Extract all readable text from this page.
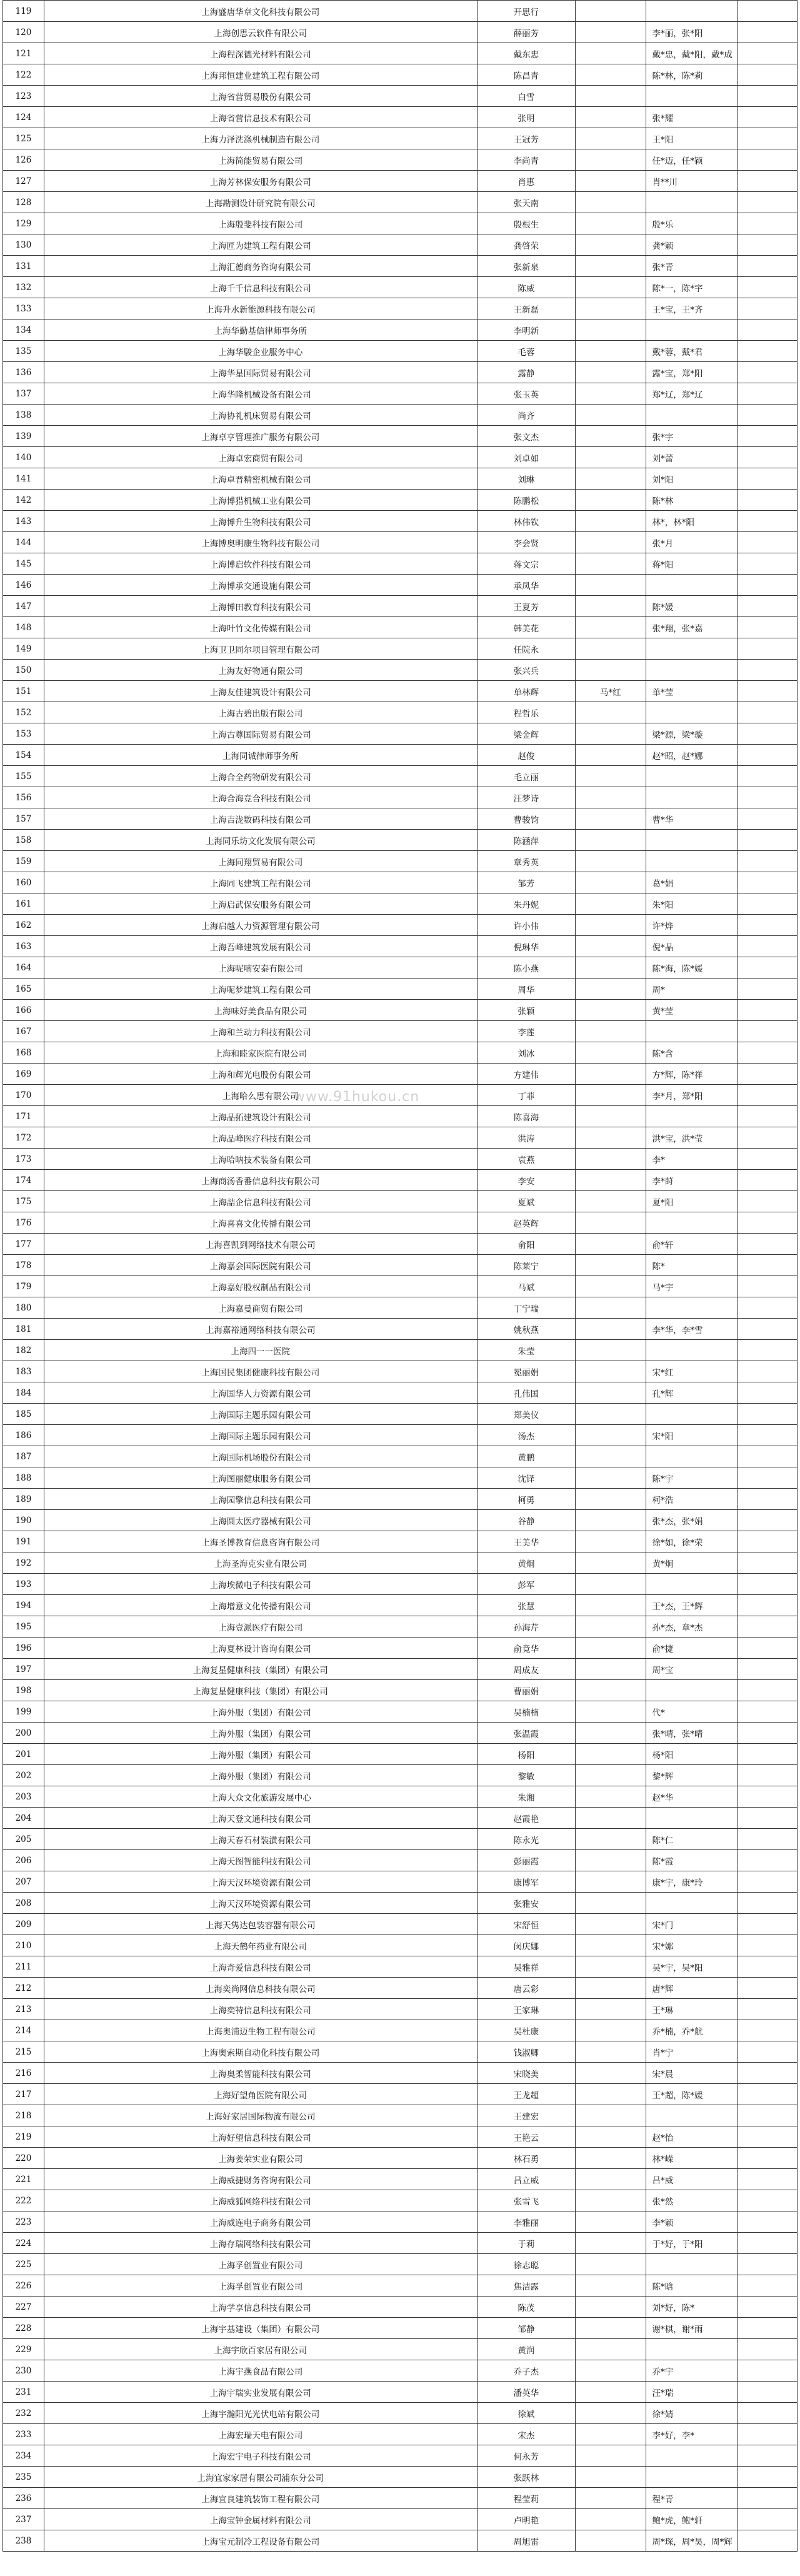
119	上海盛唐华章文化科技有限公司	开思行			
120	上海创思云软件有限公司	薛丽芳		李*丽，张*阳	
121	上海程深德光材料有限公司	戴东忠		戴*忠，戴*阳，戴*成	
122	上海邦恒建业建筑工程有限公司	陈昌青		陈*林，陈*莉	
123	上海省营贸易股份有限公司	白雪			
124	上海省营信息技术有限公司	张明		张*耀	
125	上海力泽洗涤机械制造有限公司	王冠芳		王*阳	
126	上海简能贸易有限公司	李尚青		任*迈，任*颖	
127	上海芳林保安服务有限公司	肖惠		肖**川	
128	上海勘测设计研究院有限公司	张天南			
129	上海殷斐科技有限公司	殷根生		殷*乐	
130	上海匠为建筑工程有限公司	龚啓荣		龚*颖	
131	上海汇德商务咨询有限公司	张新泉		张*青	
132	上海千千信息科技有限公司	陈威		陈*一，陈*宇	
133	上海升水新能源科技有限公司	王新磊		王*宝，王*齐	
134	上海华勤基信律师事务所	李明新			
135	上海华駿企业服务中心	毛蓉		戴*蓉，戴*君	
136	上海华星国际贸易有限公司	露静		露*宝，郑*阳	
137	上海华隆机械设备有限公司	张玉英		郑*辽，郑*辽	
138	上海协礼机床贸易有限公司	尚齐			
139	上海卓亨管理推广服务有限公司	张文杰		张*宇	
140	上海卓宏商贸有限公司	刘卓如		刘*蕾	
141	上海卓晋精密机械有限公司	刘琳		刘*阳	
142	上海博猎机械工业有限公司	陈鹏松		陈*林	
143	上海博升生物科技有限公司	林伟钦		林*，林*阳	
144	上海博奥明康生物科技有限公司	李会贤		张*月	
145	上海博启软件科技有限公司	蒋文宗		蒋*阳	
146	上海博承交通设施有限公司	承凤华			
147	上海博田教育科技有限公司	王夏芳		陈*媛	
148	上海叶竹文化传媒有限公司	韩美花		张*翔，张*嘉	
149	上海卫卫同尔项目管理有限公司	任院永			
150	上海友好物通有限公司	张兴兵			
151	上海友佳建筑设计有限公司	单林辉	马*红	单*莹	
152	上海古碧出版有限公司	程哲乐			
153	上海古尊国际贸易有限公司	梁金辉		梁*源，梁*璇	
154	上海同诚律师事务所	赵俊		赵*昭，赵*娜	
155	上海合全药物研发有限公司	毛立丽			
156	上海合海竞合科技有限公司	汪梦诗			
157	上海吉泷数码科技有限公司	曹骏钧		曹*华	
158	上海同乐坊文化发展有限公司	陈涵萍			
159	上海同翔贸易有限公司	章秀英			
160	上海同飞建筑工程有限公司	邹芳		葛*娟	
161	上海启武保安服务有限公司	朱丹妮		朱*阳	
162	上海启越人力资源管理有限公司	许小伟		许*烨	
163	上海吾峰建筑发展有限公司	倪琳华		倪*晶	
164	上海呢喃安泰有限公司	陈小燕		陈*海，陈*媛	
165	上海呢梦建筑工程有限公司	周华		周*	
166	上海味好美食品有限公司	张颖		黄*莹	
167	上海和兰动力科技有限公司	李莲			
168	上海和睦家医院有限公司	刘冰		陈*含	
169	上海和辉光电股份有限公司	方建伟		方*辉，陈*祥	
170	上海哈么思有限公司	丁菲		李*月，郑*阳	
171	上海品拓建筑设计有限公司	陈喜海			
172	上海品峰医疗科技有限公司	洪涛		洪*宝，洪*莹	
173	上海哈呐技术装备有限公司	袁燕		李*	
174	上海商汤香番信息科技有限公司	李安		李*莳	
175	上海喆企信息科技有限公司	夏斌		夏*阳	
176	上海喜喜文化传播有限公司	赵英辉			
177	上海喜凯到网络技术有限公司	俞阳		俞*轩	
178	上海嘉会国际医院有限公司	陈莱宁		陈*	
179	上海嘉好股权制品有限公司	马斌		马*宇	
180	上海嘉曼商贸有限公司	丁宁瑞			
181	上海嘉裕通网络科技有限公司	姚秋燕		李*华，李*雪	
182	上海四一一医院	朱莹			
183	上海国民集团健康科技有限公司	冕丽娟		宋*红	
184	上海国华人力资源有限公司	孔伟国		孔*辉	
185	上海国际主题乐园有限公司	郑美仪			
186	上海国际主题乐园有限公司	汤杰		宋*阳	
187	上海国际机场股份有限公司	黄鹏			
188	上海图丽健康服务有限公司	沈铎		陈*宇	
189	上海园擎信息科技有限公司	柯勇		柯*浩	
190	上海圆太医疗器械有限公司	谷静		张*杰，张*娟	
191	上海圣博教育信息咨询有限公司	王美华		徐*如，徐*荣	
192	上海圣海克实业有限公司	黄炯		黄*炯	
193	上海埃微电子科技有限公司	彭军			
194	上海增意文化传播有限公司	张慧		王*杰，王*辉	
195	上海壹派医疗有限公司	孙海芹		孙*杰，章*杰	
196	上海夏林设计咨询有限公司	俞竟华		俞*捷	
197	上海复星健康科技（集团）有限公司	周成友		周*宝	
198	上海复星健康科技（集团）有限公司	曹丽娟			
199	上海外服（集团）有限公司	吴楠楠		代*	
200	上海外服（集团）有限公司	张温霞		张*晴，张*晴	
201	上海外服（集团）有限公司	杨阳		杨*阳	
202	上海外服（集团）有限公司	黎敏		黎*辉	
203	上海大众文化旅游发展中心	朱湘		赵*华	
204	上海天登文通科技有限公司	赵霞艳			
205	上海天春石材装潢有限公司	陈永光		陈*仁	
206	上海天图智能科技有限公司	彭丽霞		陈*霞	
207	上海天汉环境资源有限公司	康博军		康*宇，康*玲	
208	上海天汉环境资源有限公司	张雅安			
209	上海天隽达包装容器有限公司	宋舒恒		宋*门	
210	上海天鹤年药业有限公司	闵庆娜		宋*娜	
211	上海奇爱信息科技有限公司	吴雅祥		吴*宇，吴*阳	
212	上海奕尚网信息科技有限公司	唐云彩		唐*辉	
213	上海奕特信息科技有限公司	王家琳		王*琳	
214	上海奥浦迈生物工程有限公司	吴杜康		乔*楠，乔*航	
215	上海奥索斯自动化科技有限公司	钱淑卿		肖*宁	
216	上海奥柔智能科技有限公司	宋晓美		宋*晨	
217	上海好望角医院有限公司	王龙超		王*超，陈*媛	
218	上海好家居国际物流有限公司	王建宏			
219	上海好望信息科技有限公司	王艳云		赵*怡	
220	上海姜荣实业有限公司	林石勇		林*嵘	
221	上海威捷财务咨询有限公司	吕立威		吕*威	
222	上海威狐网络科技有限公司	张雪飞		张*然	
223	上海威连电子商务有限公司	李雅丽		李*颖	
224	上海存瑞网络科技有限公司	于莉		于*好，于*阳	
225	上海孚创置业有限公司	徐志聪			
226	上海孚创置业有限公司	焦洁露		陈*晗	
227	上海学享信息科技有限公司	陈茂		刘*好，陈*	
228	上海宇基建设（集团）有限公司	邹静		谢*棋，谢*雨	
229	上海宇欣百家居有限公司	黄润			
230	上海宇燕食品有限公司	乔子杰		乔*宇	
231	上海宇瑞实业发展有限公司	潘英华		汪*瑞	
232	上海宇瀚阳光光伏电站有限公司	徐斌		徐*婧	
233	上海宏瑞天电有限公司	宋杰		李*好，李*	
234	上海宏宇电子科技有限公司	何永芳			
235	上海宜家家居有限公司浦东分公司	张跃林			
236	上海宜良建筑装饰工程有限公司	程莹莉		程*青	
237	上海宝钟金属材料有限公司	卢明艳		鲍*虎，鲍*轩	
238	上海宝元制冷工程设备有限公司	周旭雷		周*琛，周*昊，周*辉	
www.91hukou.cn
